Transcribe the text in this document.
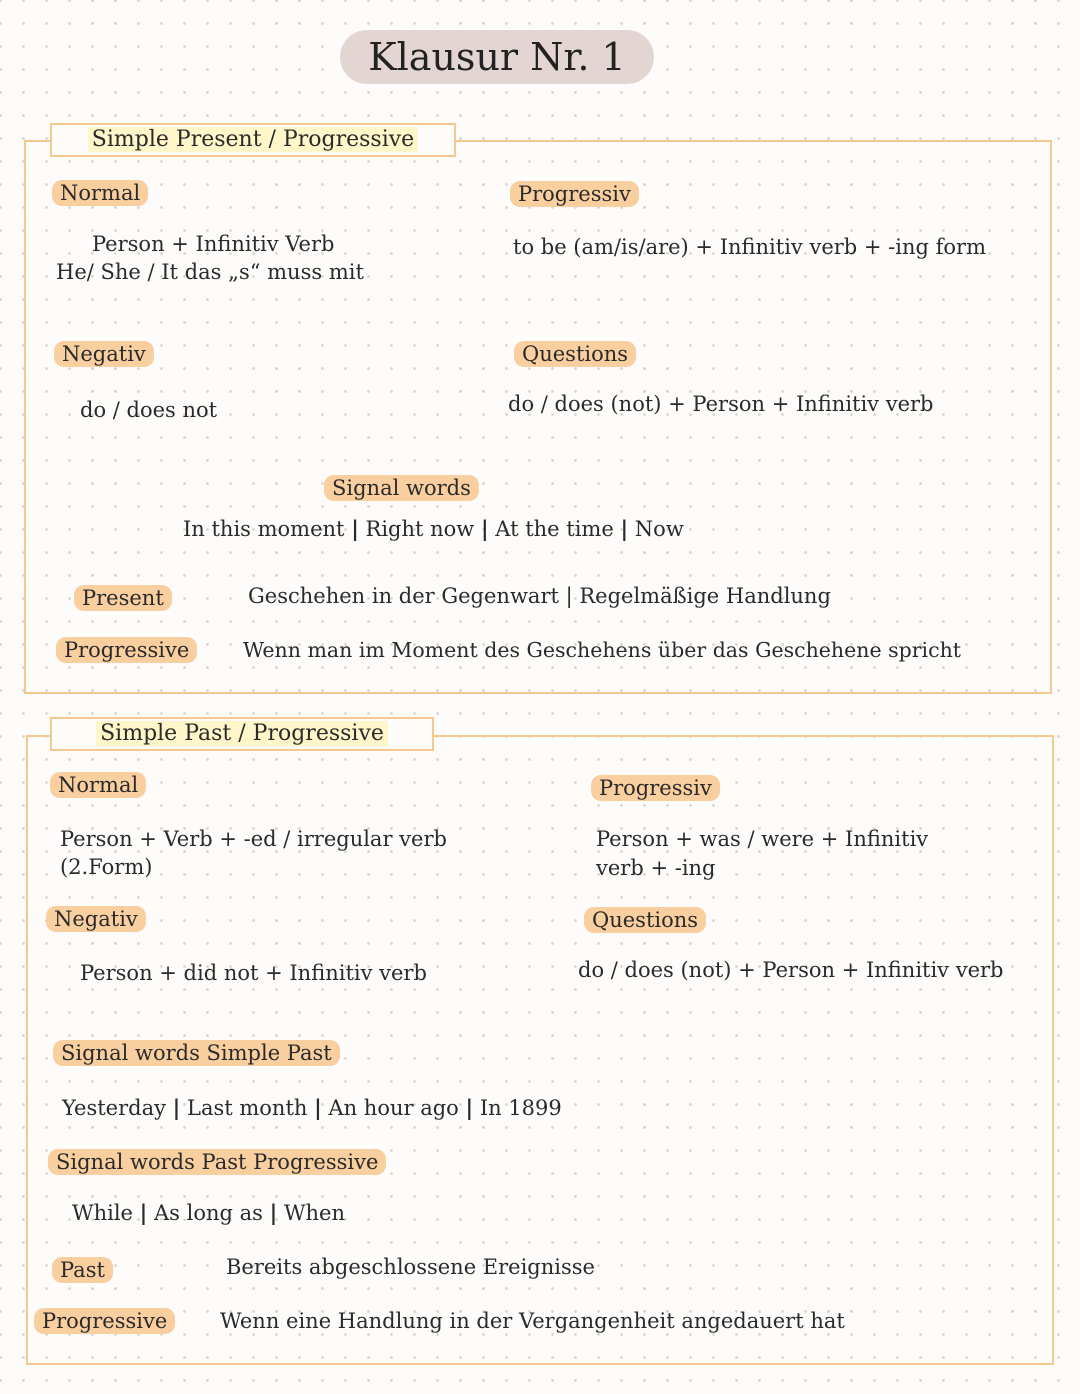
Klausur Nr. 1
Simple Present / Progressive
Normal
Person + Infinitiv Verb
He/ She / It das „s“ muss mit
Progressiv
to be (am/is/are) + Infinitiv verb + -ing form
Negativ
do / does not
Questions
do / does (not) + Person + Infinitiv verb
Signal words
In this moment | Right now | At the time | Now
Present	Geschehen in der Gegenwart | Regelmäßige Handlung
Progressive	Wenn man im Moment des Geschehens über das Geschehene spricht
Simple Past / Progressive
Normal
Person + Verb + -ed / irregular verb
(2.Form)
Progressiv
Person + was / were + Infinitiv
verb + -ing
Negativ
Person + did not + Infinitiv verb
Questions
do / does (not) + Person + Infinitiv verb
Signal words Simple Past
Yesterday | Last month | An hour ago | In 1899
Signal words Past Progressive
While | As long as | When
Past	Bereits abgeschlossene Ereignisse
Progressive	Wenn eine Handlung in der Vergangenheit angedauert hat
